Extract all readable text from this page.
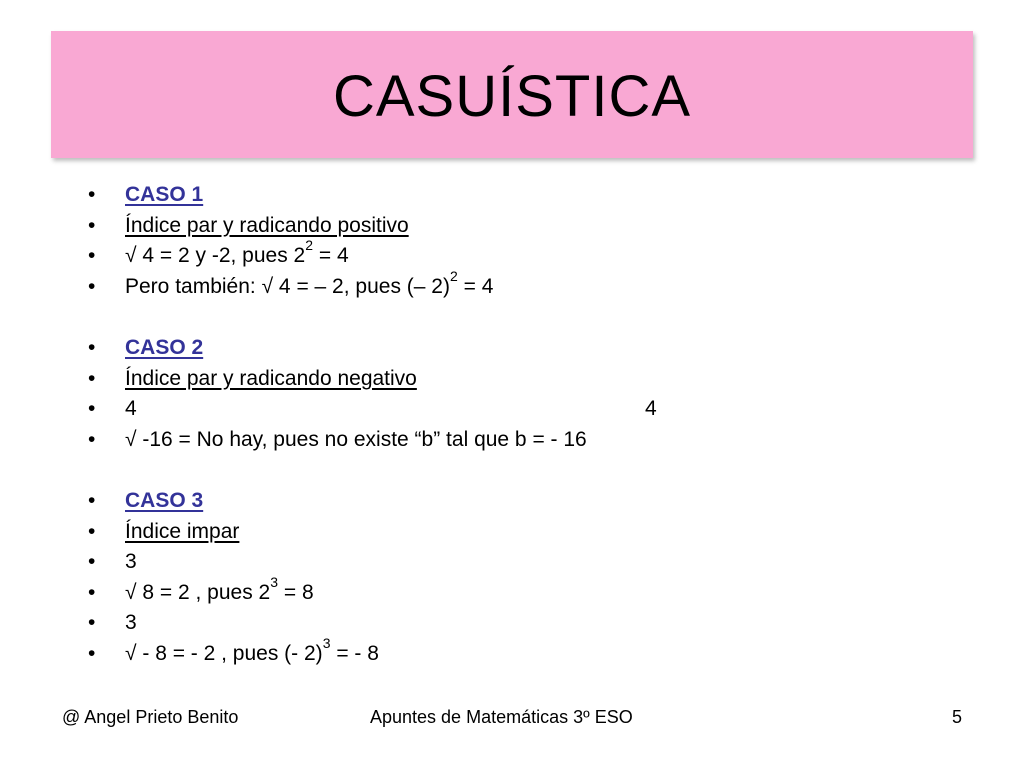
CASUÍSTICA
• CASO 1
• Índice par y radicando positivo
• √ 4 = 2 y -2, pues $2^2 = 4$
• Pero también: √ 4 = – 2, pues (– 2)$^2$ = 4
• CASO 2
• Índice par y radicando negativo
• 4	4
• √ -16 = No hay, pues no existe “b” tal que b = - 16
• CASO 3
• Índice impar
• 3
• √ 8 = 2 , pues $2^3 = 8$
• 3
• √ - 8 = - 2 , pues (- 2)$^3$ = - 8
@ Angel Prieto Benito	Apuntes de Matemáticas 3º ESO	5
